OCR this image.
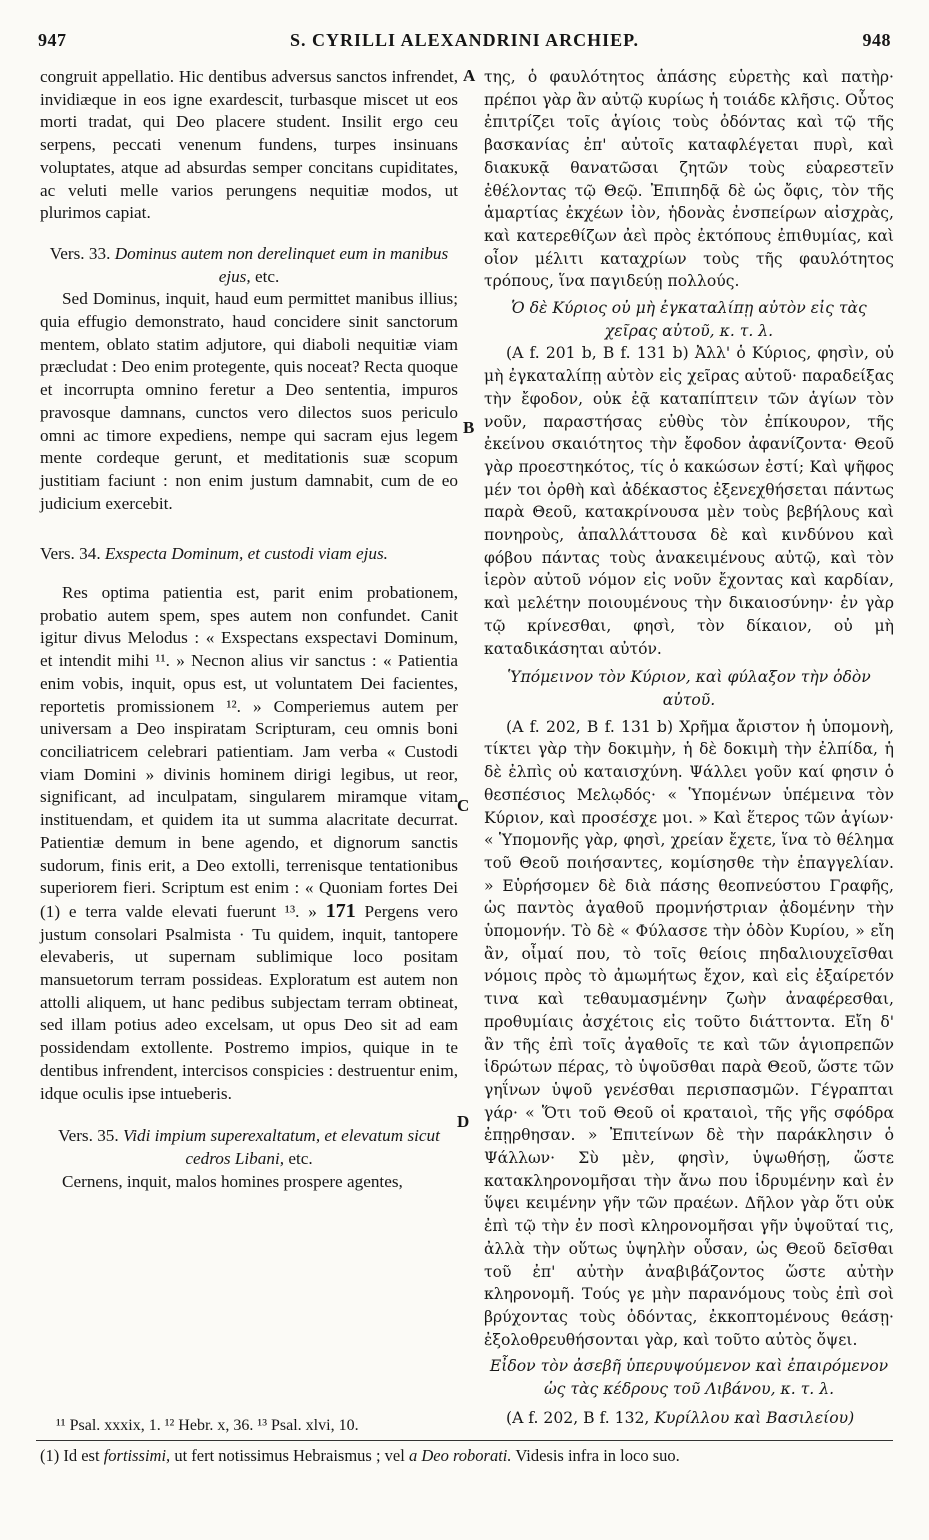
947	S. CYRILLI ALEXANDRINI ARCHIEP.	948
A
B
C
D

congruit appellatio. Hic dentibus adversus sanctos infrendet, invidiæque in eos igne exardescit, turbasque miscet ut eos morti tradat, qui Deo placere student. Insilit ergo ceu serpens, peccati venenum fundens, turpes insinuans voluptates, atque ad absurdas semper concitans cupiditates, ac veluti melle varios perungens nequitiæ modos, ut plurimos capiat.

Vers. 33. Dominus autem non derelinquet eum in manibus ejus, etc.

Sed Dominus, inquit, haud eum permittet manibus illius; quia effugio demonstrato, haud concidere sinit sanctorum mentem, oblato statim adjutore, qui diaboli nequitiæ viam præcludat : Deo enim protegente, quis noceat? Recta quoque et incorrupta omnino feretur a Deo sententia, impuros pravosque damnans, cunctos vero dilectos suos periculo omni ac timore expediens, nempe qui sacram ejus legem mente cordeque gerunt, et meditationis suæ scopum justitiam faciunt : non enim justum damnabit, cum de eo judicium exercebit.

Vers. 34. Exspecta Dominum, et custodi viam ejus.

Res optima patientia est, parit enim probationem, probatio autem spem, spes autem non confundet. Canit igitur divus Melodus : « Exspectans exspectavi Dominum, et intendit mihi ¹¹. » Necnon alius vir sanctus : « Patientia enim vobis, inquit, opus est, ut voluntatem Dei facientes, reportetis promissionem ¹². » Comperiemus autem per universam a Deo inspiratam Scripturam, ceu omnis boni conciliatricem celebrari patientiam. Jam verba « Custodi viam Domini » divinis hominem dirigi legibus, ut reor, significant, ad inculpatam, singularem miramque vitam instituendam, et quidem ita ut summa alacritate decurrat. Patientiæ demum in bene agendo, et dignorum sanctis sudorum, finis erit, a Deo extolli, terrenisque tentationibus superiorem fieri. Scriptum est enim : « Quoniam fortes Dei (1) e terra valde elevati fuerunt ¹³. » 171 Pergens vero justum consolari Psalmista · Tu quidem, inquit, tantopere elevaberis, ut supernam sublimique loco positam mansuetorum terram possideas. Exploratum est autem non attolli aliquem, ut hanc pedibus subjectam terram obtineat, sed illam potius adeo excelsam, ut opus Deo sit ad eam possidendam extollente. Postremo impios, quique in te dentibus infrendent, intercisos conspicies : destruentur enim, idque oculis ipse intueberis.

Vers. 35. Vidi impium superexaltatum, et elevatum sicut cedros Libani, etc.

Cernens, inquit, malos homines prospere agentes,

της, ὁ φαυλότητος ἁπάσης εὑρετὴς καὶ πατὴρ· πρέποι γὰρ ἂν αὐτῷ κυρίως ἡ τοιάδε κλῆσις. Οὗτος ἐπιτρίζει τοῖς ἁγίοις τοὺς ὀδόντας καὶ τῷ τῆς βασκανίας ἐπ' αὐτοῖς καταφλέγεται πυρὶ, καὶ διακυκᾷ θανατῶσαι ζητῶν τοὺς εὐαρεστεῖν ἐθέλοντας τῷ Θεῷ. Ἐπιπηδᾷ δὲ ὡς ὄφις, τὸν τῆς ἁμαρτίας ἐκχέων ἰὸν, ἡδονὰς ἐνσπείρων αἰσχρὰς, καὶ κατερεθίζων ἀεὶ πρὸς ἐκτόπους ἐπιθυμίας, καὶ οἷον μέλιτι καταχρίων τοὺς τῆς φαυλότητος τρόπους, ἵνα παγιδεύῃ πολλούς.

Ὁ δὲ Κύριος οὐ μὴ ἐγκαταλίπῃ αὐτὸν εἰς τὰς χεῖρας αὐτοῦ, κ. τ. λ.

(A f. 201 b, B f. 131 b) Ἀλλ' ὁ Κύριος, φησὶν, οὐ μὴ ἐγκαταλίπῃ αὐτὸν εἰς χεῖρας αὐτοῦ· παραδείξας τὴν ἔφοδον, οὐκ ἐᾷ καταπίπτειν τῶν ἁγίων τὸν νοῦν, παραστήσας εὐθὺς τὸν ἐπίκουρον, τῆς ἐκείνου σκαιότητος τὴν ἔφοδον ἀφανίζοντα· Θεοῦ γὰρ προεστηκότος, τίς ὁ κακώσων ἐστί; Καὶ ψῆφος μέν τοι ὀρθὴ καὶ ἀδέκαστος ἐξενεχθήσεται πάντως παρὰ Θεοῦ, κατακρίνουσα μὲν τοὺς βεβήλους καὶ πονηροὺς, ἀπαλλάττουσα δὲ καὶ κινδύνου καὶ φόβου πάντας τοὺς ἀνακειμένους αὐτῷ, καὶ τὸν ἱερὸν αὐτοῦ νόμον εἰς νοῦν ἔχοντας καὶ καρδίαν, καὶ μελέτην ποιουμένους τὴν δικαιοσύνην· ἐν γὰρ τῷ κρίνεσθαι, φησὶ, τὸν δίκαιον, οὐ μὴ καταδικάσηται αὐτόν.

Ὑπόμεινον τὸν Κύριον, καὶ φύλαξον τὴν ὁδὸν αὐτοῦ.

(A f. 202, B f. 131 b) Χρῆμα ἄριστον ἡ ὑπομονὴ, τίκτει γὰρ τὴν δοκιμὴν, ἡ δὲ δοκιμὴ τὴν ἐλπίδα, ἡ δὲ ἐλπὶς οὐ καταισχύνη. Ψάλλει γοῦν καί φησιν ὁ θεσπέσιος Μελῳδός· « Ὑπομένων ὑπέμεινα τὸν Κύριον, καὶ προσέσχε μοι. » Καὶ ἕτερος τῶν ἁγίων· « Ὑπομονῆς γὰρ, φησὶ, χρείαν ἔχετε, ἵνα τὸ θέλημα τοῦ Θεοῦ ποιήσαντες, κομίσησθε τὴν ἐπαγγελίαν. » Εὑρήσομεν δὲ διὰ πάσης θεοπνεύστου Γραφῆς, ὡς παντὸς ἀγαθοῦ προμνήστριαν ᾀδομένην τὴν ὑπομονήν. Τὸ δὲ « Φύλασσε τὴν ὁδὸν Κυρίου, » εἴη ἂν, οἶμαί που, τὸ τοῖς θείοις πηδαλιουχεῖσθαι νόμοις πρὸς τὸ ἀμωμήτως ἔχον, καὶ εἰς ἐξαίρετόν τινα καὶ τεθαυμασμένην ζωὴν ἀναφέρεσθαι, προθυμίαις ἀσχέτοις εἰς τοῦτο διάττοντα. Εἴη δ' ἂν τῆς ἐπὶ τοῖς ἀγαθοῖς τε καὶ τῶν ἁγιοπρεπῶν ἱδρώτων πέρας, τὸ ὑψοῦσθαι παρὰ Θεοῦ, ὥστε τῶν γηΐνων ὑψοῦ γενέσθαι περισπασμῶν. Γέγραπται γάρ· « Ὅτι τοῦ Θεοῦ οἱ κραταιοὶ, τῆς γῆς σφόδρα ἐπῃρθησαν. » Ἐπιτείνων δὲ τὴν παράκλησιν ὁ Ψάλλων· Σὺ μὲν, φησὶν, ὑψωθήσῃ, ὥστε κατακληρονομῆσαι τὴν ἄνω που ἱδρυμένην καὶ ἐν ὕψει κειμένην γῆν τῶν πραέων. Δῆλον γὰρ ὅτι οὐκ ἐπὶ τῷ τὴν ἐν ποσὶ κληρονομῆσαι γῆν ὑψοῦταί τις, ἀλλὰ τὴν οὕτως ὑψηλὴν οὖσαν, ὡς Θεοῦ δεῖσθαι τοῦ ἐπ' αὐτὴν ἀναβιβάζοντος ὥστε αὐτὴν κληρονομῆ. Τούς γε μὴν παρανόμους τοὺς ἐπὶ σοὶ βρύχοντας τοὺς ὀδόντας, ἐκκοπτομένους θεάσῃ· ἐξολοθρευθήσονται γὰρ, καὶ τοῦτο αὐτὸς ὄψει.

Εἶδον τὸν ἀσεβῆ ὑπερυψούμενον καὶ ἐπαιρόμενον ὡς τὰς κέδρους τοῦ Λιβάνου, κ. τ. λ.

(A f. 202, B f. 132, Κυρίλλου καὶ Βασιλείου)

¹¹ Psal. xxxix, 1. ¹² Hebr. x, 36. ¹³ Psal. xlvi, 10.
(1) Id est fortissimi, ut fert notissimus Hebraismus ; vel a Deo roborati. Videsis infra in loco suo.
